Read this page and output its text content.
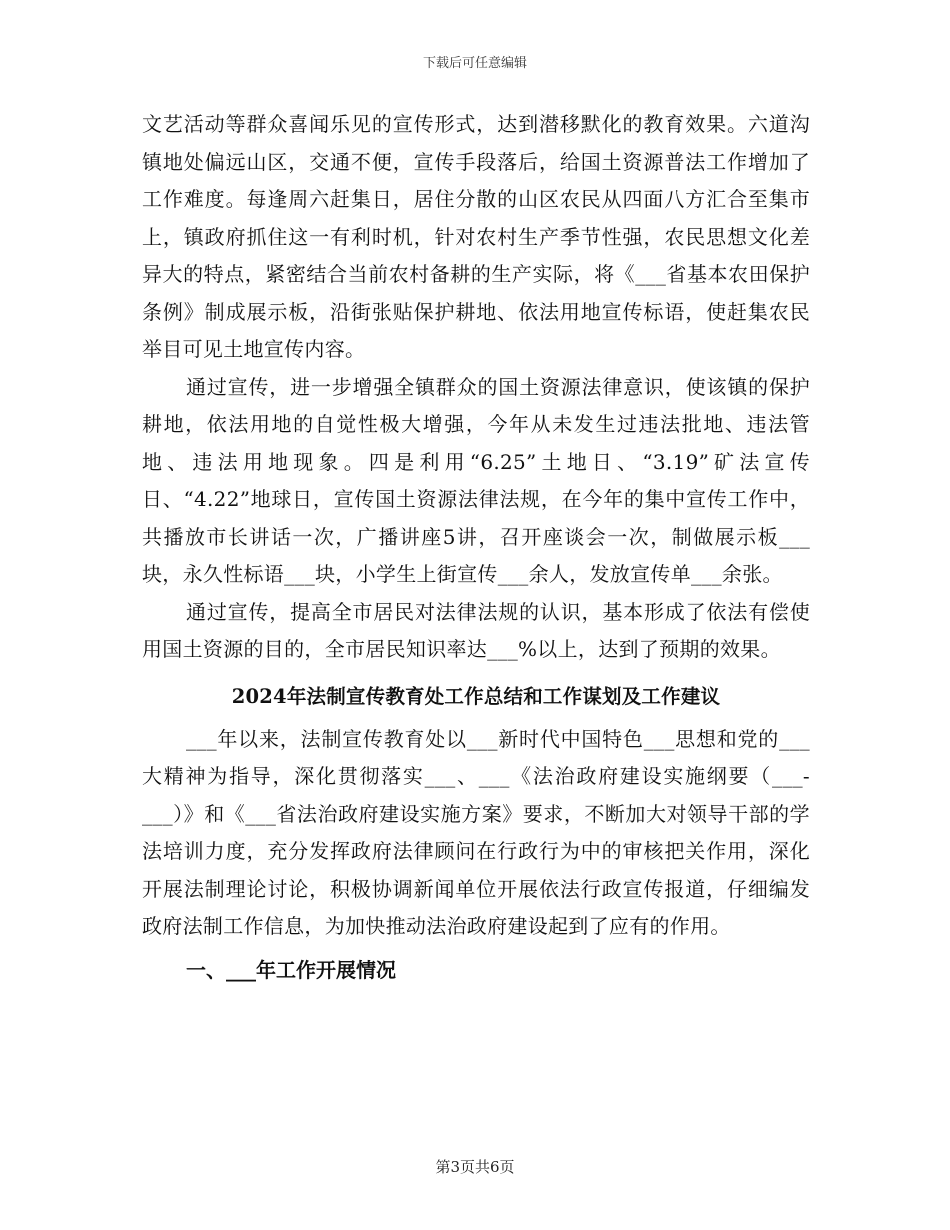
下载后可任意编辑

文艺活动等群众喜闻乐见的宣传形式，达到潜移默化的教育效果。六道沟镇地处偏远山区，交通不便，宣传手段落后，给国土资源普法工作增加了工作难度。每逢周六赶集日，居住分散的山区农民从四面八方汇合至集市上，镇政府抓住这一有利时机，针对农村生产季节性强，农民思想文化差异大的特点，紧密结合当前农村备耕的生产实际，将《___省基本农田保护条例》制成展示板，沿街张贴保护耕地、依法用地宣传标语，使赶集农民举目可见土地宣传内容。

通过宣传，进一步增强全镇群众的国土资源法律意识，使该镇的保护耕地，依法用地的自觉性极大增强，今年从未发生过违法批地、违法管地、违法用地现象。四是利用“6.25”土地日、“3.19”矿法宣传日、“4.22”地球日，宣传国土资源法律法规，在今年的集中宣传工作中，共播放市长讲话一次，广播讲座5讲，召开座谈会一次，制做展示板___块，永久性标语___块，小学生上街宣传___余人，发放宣传单___余张。

通过宣传，提高全市居民对法律法规的认识，基本形成了依法有偿使用国土资源的目的，全市居民知识率达___%以上，达到了预期的效果。

2024年法制宣传教育处工作总结和工作谋划及工作建议

___年以来，法制宣传教育处以___新时代中国特色___思想和党的___大精神为指导，深化贯彻落实___、___《法治政府建设实施纲要（___-___）》和《___省法治政府建设实施方案》要求，不断加大对领导干部的学法培训力度，充分发挥政府法律顾问在行政行为中的审核把关作用，深化开展法制理论讨论，积极协调新闻单位开展依法行政宣传报道，仔细编发政府法制工作信息，为加快推动法治政府建设起到了应有的作用。

一、___年工作开展情况
第3页共6页
